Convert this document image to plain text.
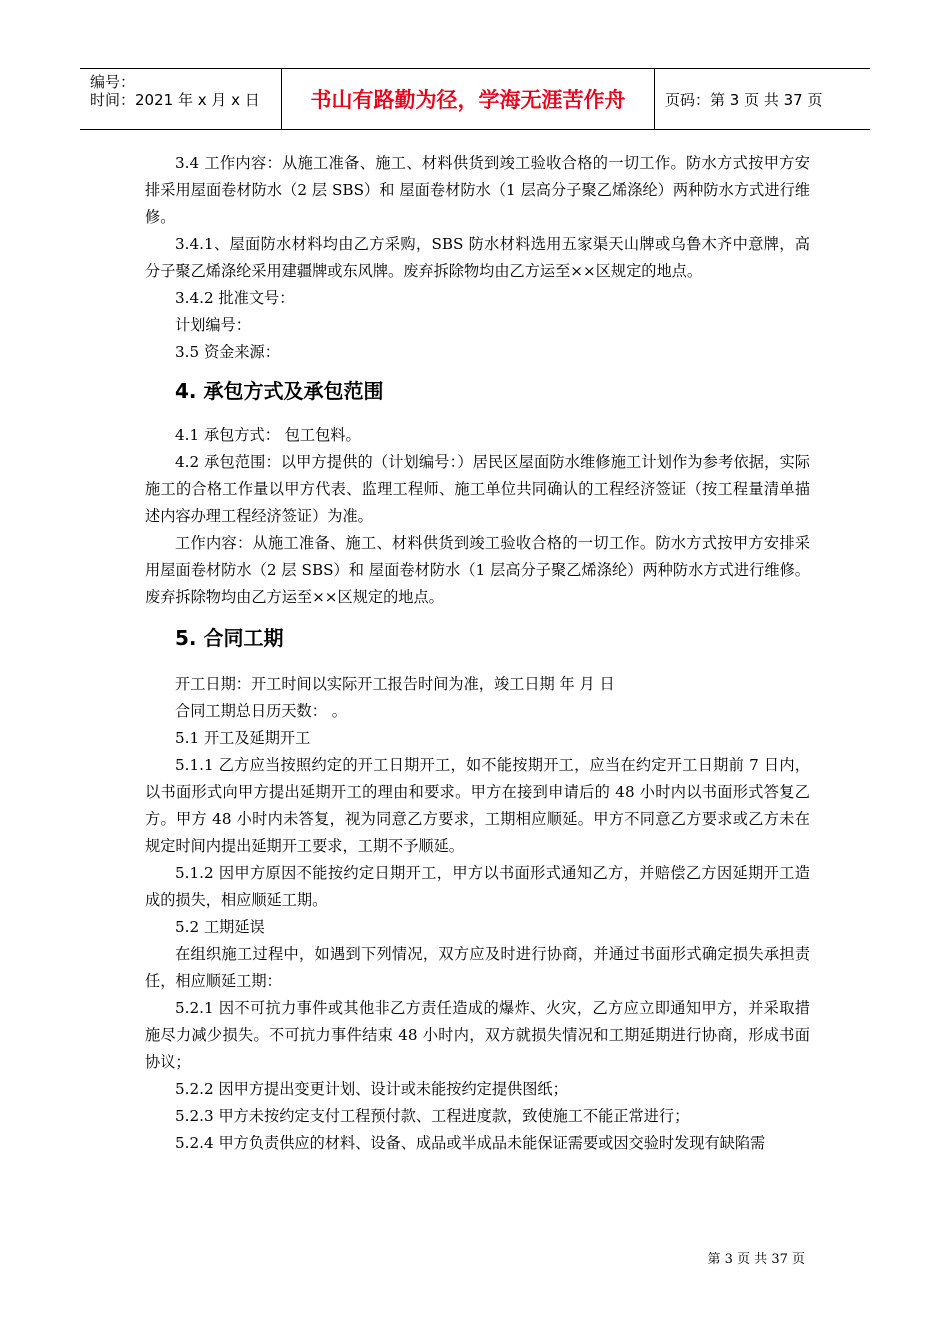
编号：
时间：2021 年 x 月 x 日	书山有路勤为径，学海无涯苦作舟	页码：第 3 页 共 37 页

3.4 工作内容：从施工准备、施工、材料供货到竣工验收合格的一切工作。防水方式按甲方安排采用屋面卷材防水（2 层 SBS）和 屋面卷材防水（1 层高分子聚乙烯涤纶）两种防水方式进行维修。

3.4.1、屋面防水材料均由乙方采购，SBS 防水材料选用五家渠天山牌或乌鲁木齐中意牌，高分子聚乙烯涤纶采用建疆牌或东风牌。废弃拆除物均由乙方运至××区规定的地点。

3.4.2 批准文号：

计划编号：

3.5 资金来源：

4. 承包方式及承包范围

4.1 承包方式： 包工包料。

4.2 承包范围：以甲方提供的（计划编号：）居民区屋面防水维修施工计划作为参考依据，实际施工的合格工作量以甲方代表、监理工程师、施工单位共同确认的工程经济签证（按工程量清单描述内容办理工程经济签证）为准。

工作内容：从施工准备、施工、材料供货到竣工验收合格的一切工作。防水方式按甲方安排采用屋面卷材防水（2 层 SBS）和 屋面卷材防水（1 层高分子聚乙烯涤纶）两种防水方式进行维修。废弃拆除物均由乙方运至××区规定的地点。

5. 合同工期

开工日期：开工时间以实际开工报告时间为准，竣工日期 年 月 日

合同工期总日历天数： 。

5.1 开工及延期开工

5.1.1 乙方应当按照约定的开工日期开工，如不能按期开工，应当在约定开工日期前 7 日内，以书面形式向甲方提出延期开工的理由和要求。甲方在接到申请后的 48 小时内以书面形式答复乙方。甲方 48 小时内未答复，视为同意乙方要求，工期相应顺延。甲方不同意乙方要求或乙方未在规定时间内提出延期开工要求，工期不予顺延。

5.1.2 因甲方原因不能按约定日期开工，甲方以书面形式通知乙方，并赔偿乙方因延期开工造成的损失，相应顺延工期。

5.2 工期延误

在组织施工过程中，如遇到下列情况，双方应及时进行协商，并通过书面形式确定损失承担责任，相应顺延工期：

5.2.1 因不可抗力事件或其他非乙方责任造成的爆炸、火灾，乙方应立即通知甲方，并采取措施尽力减少损失。不可抗力事件结束 48 小时内，双方就损失情况和工期延期进行协商，形成书面协议；

5.2.2 因甲方提出变更计划、设计或未能按约定提供图纸；

5.2.3 甲方未按约定支付工程预付款、工程进度款，致使施工不能正常进行；

5.2.4 甲方负责供应的材料、设备、成品或半成品未能保证需要或因交验时发现有缺陷需

第 3 页 共 37 页
